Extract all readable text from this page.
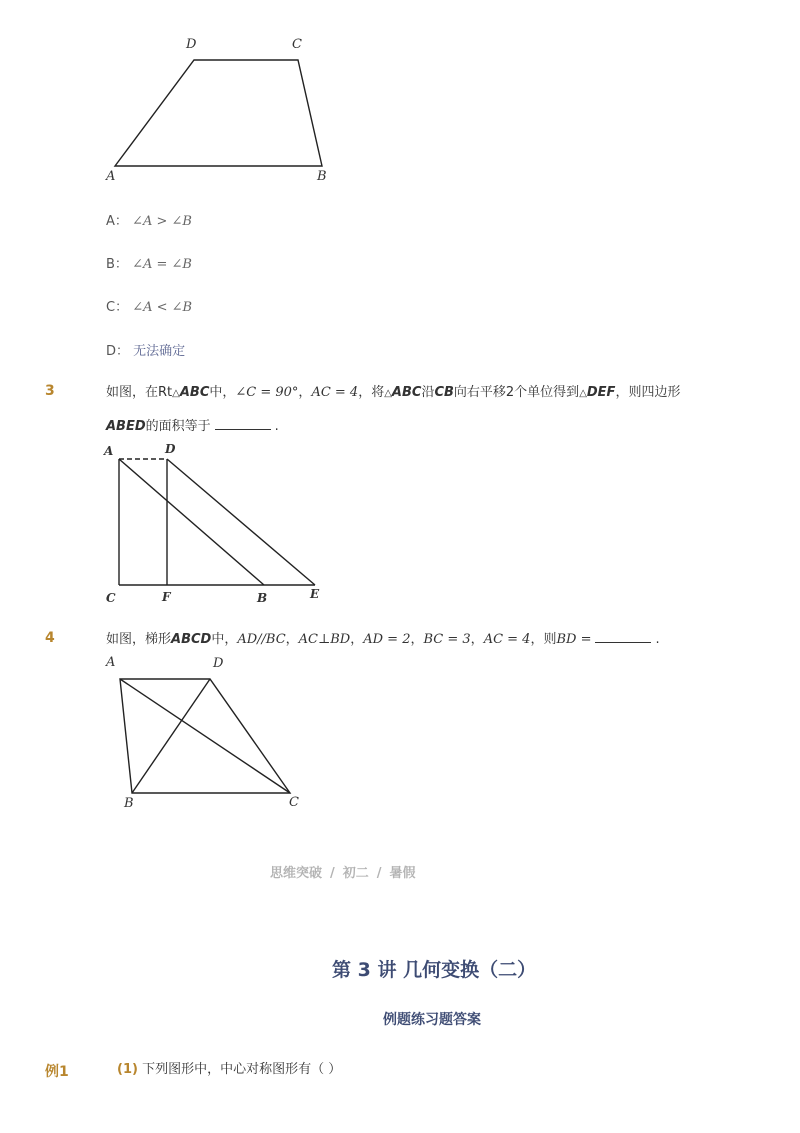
D	C
A	B
A： ∠A > ∠B
B： ∠A = ∠B
C： ∠A < ∠B
D： 无法确定
3	如图，在Rt△ABC中，∠C = 90°，AC = 4，将△ABC沿CB向右平移2个单位得到△DEF，则四边形
ABED的面积等于	.
A	D
C	F	B	E
4	如图，梯形ABCD中，AD//BC，AC⊥BD，AD = 2，BC = 3，AC = 4，则BD =	.
A	D
B	C
思维突破 / 初二 / 暑假
第 3 讲 几何变换（二）
例题练习题答案
例1	(1) 下列图形中，中心对称图形有（ ）
